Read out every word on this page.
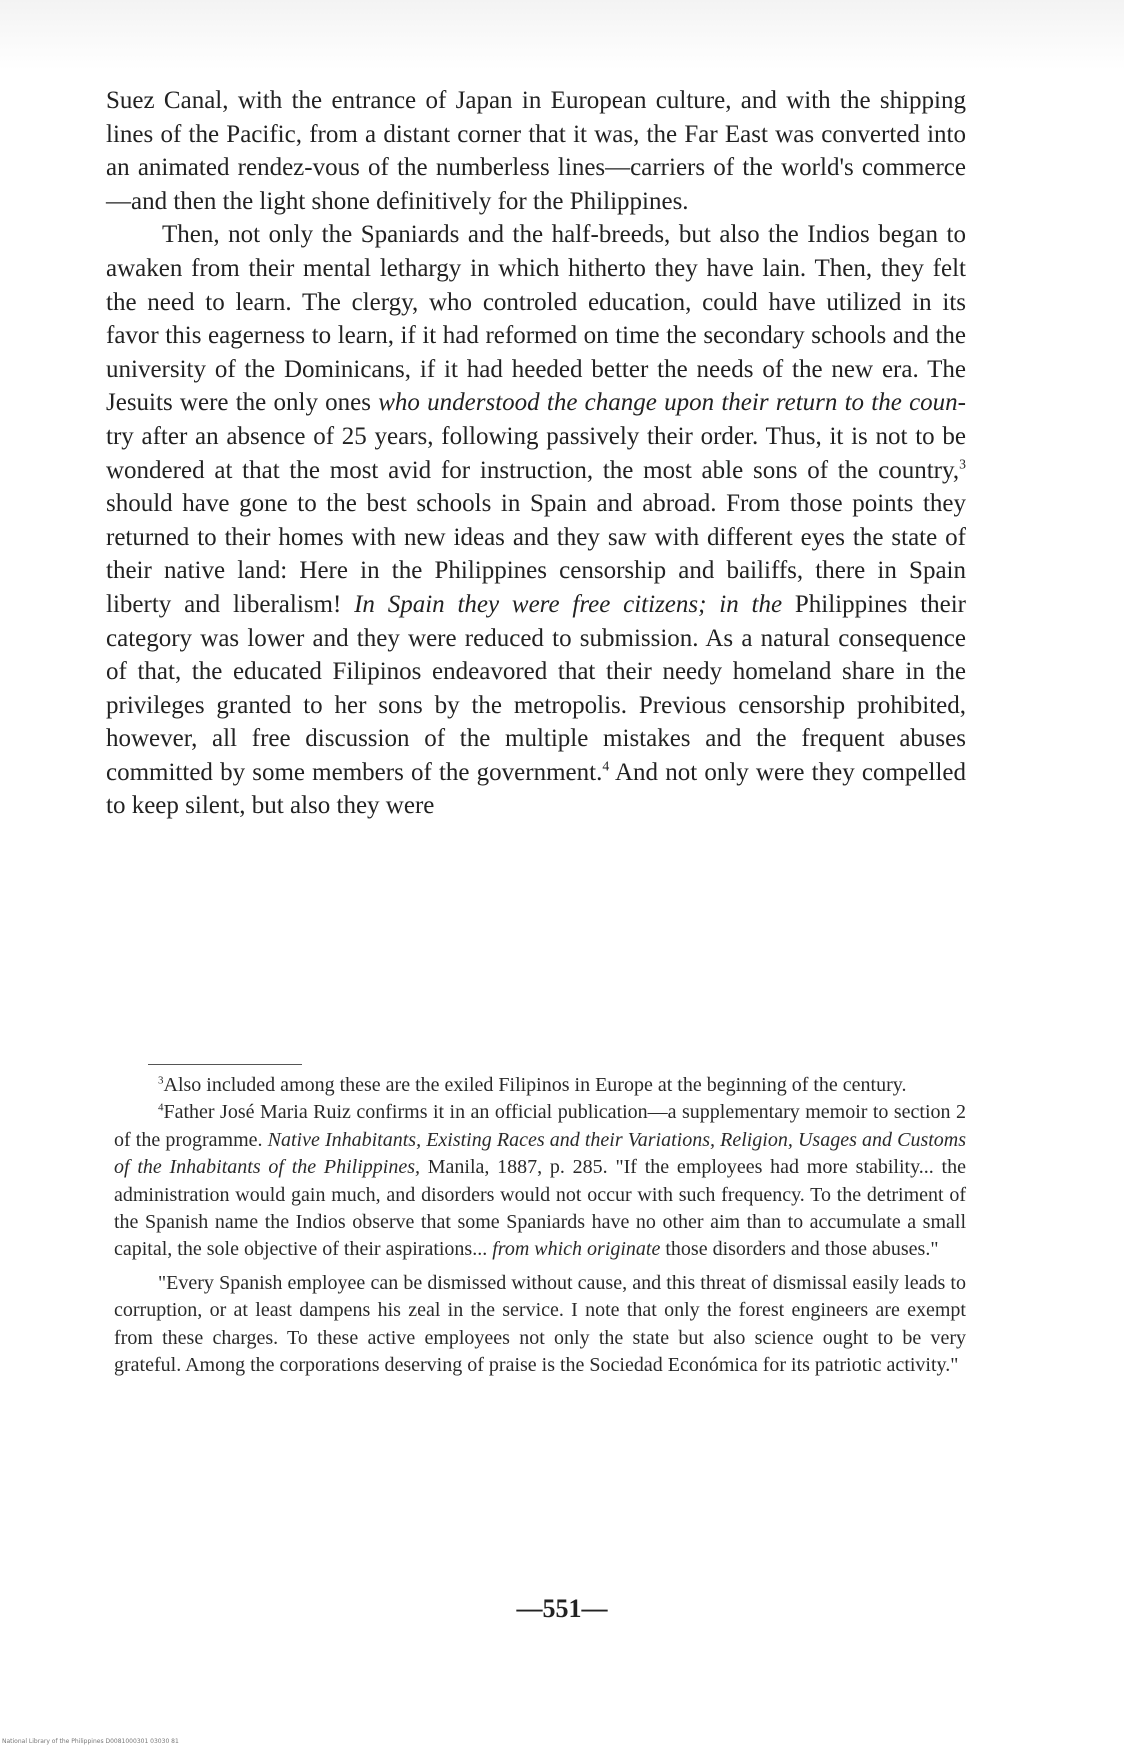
Suez Canal, with the entrance of Japan in European culture, and with the shipping lines of the Pacific, from a distant corner that it was, the Far East was converted into an animated rendez-vous of the numberless lines—carriers of the world's commerce—and then the light shone definitively for the Philippines.

Then, not only the Spaniards and the half-breeds, but also the Indios began to awaken from their mental lethargy in which hitherto they have lain. Then, they felt the need to learn. The clergy, who controled education, could have utilized in its favor this eagerness to learn, if it had reformed on time the secondary schools and the university of the Dominicans, if it had heeded better the needs of the new era. The Jesuits were the only ones who understood the change upon their return to the coun-try after an absence of 25 years, following passively their order. Thus, it is not to be wondered at that the most avid for instruction, the most able sons of the country,$^3$ should have gone to the best schools in Spain and abroad. From those points they returned to their homes with new ideas and they saw with different eyes the state of their native land: Here in the Philippines censorship and bailiffs, there in Spain liberty and liberalism! In Spain they were free citizens; in the Philippines their category was lower and they were reduced to submission. As a natural consequence of that, the educated Filipinos endeavored that their needy homeland share in the privileges granted to her sons by the metropolis. Previous censorship prohibited, however, all free discussion of the multiple mistakes and the frequent abuses committed by some members of the government.$^4$ And not only were they compelled to keep silent, but also they were

$^3$Also included among these are the exiled Filipinos in Europe at the beginning of the century.

$^4$Father José Maria Ruiz confirms it in an official publication—a supplementary memoir to section 2 of the programme. Native Inhabitants, Existing Races and their Variations, Religion, Usages and Customs of the Inhabitants of the Philippines, Manila, 1887, p. 285. "If the employees had more stability... the administration would gain much, and disorders would not occur with such frequency. To the detriment of the Spanish name the Indios observe that some Spaniards have no other aim than to accumulate a small capital, the sole objective of their aspirations... from which originate those disorders and those abuses."

"Every Spanish employee can be dismissed without cause, and this threat of dismissal easily leads to corruption, or at least dampens his zeal in the service. I note that only the forest engineers are exempt from these charges. To these active employees not only the state but also science ought to be very grateful. Among the corporations deserving of praise is the Sociedad Económica for its patriotic activity."

—551—
National Library of the Philippines D0081000301 03030 81
